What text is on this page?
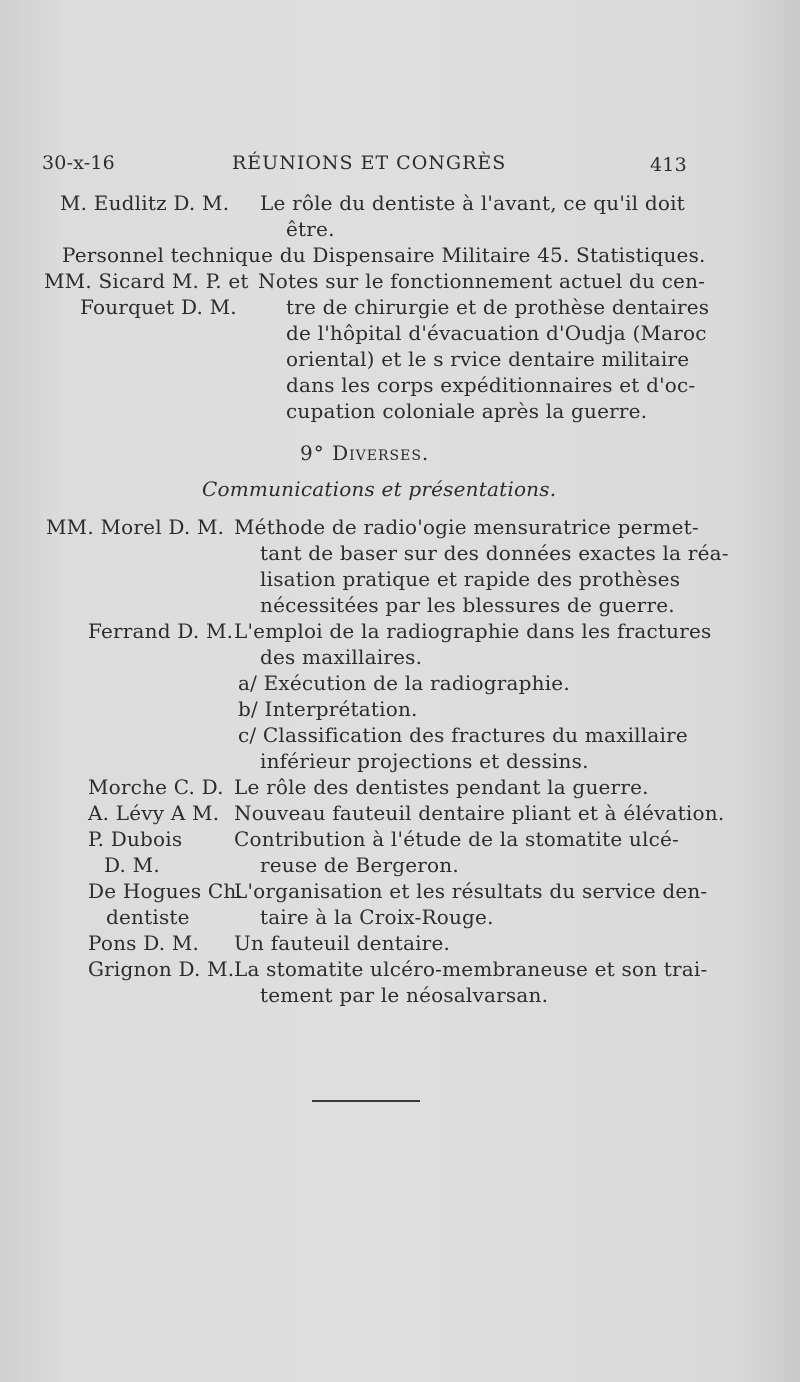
30-x-16	RÉUNIONS ET CONGRÈS	413
M. Eudlitz D. M. Le rôle du dentiste à l'avant, ce qu'il doit
être.
Personnel technique du Dispensaire Militaire 45. Statistiques.
MM. Sicard M. P. et
Fourquet D. M.
Notes sur le fonctionnement actuel du cen-
tre de chirurgie et de prothèse dentaires
de l'hôpital d'évacuation d'Oudja (Maroc
oriental) et le s rvice dentaire militaire
dans les corps expéditionnaires et d'oc-
cupation coloniale après la guerre.
9° Diverses.
Communications et présentations.
MM. Morel D. M. Méthode de radio'ogie mensuratrice permet-
tant de baser sur des données exactes la réa-
lisation pratique et rapide des prothèses
nécessitées par les blessures de guerre.
Ferrand D. M. L'emploi de la radiographie dans les fractures
des maxillaires.
a/ Exécution de la radiographie.
b/ Interprétation.
c/ Classification des fractures du maxillaire
inférieur projections et dessins.
Morche C. D. Le rôle des dentistes pendant la guerre.
A. Lévy A M. Nouveau fauteuil dentaire pliant et à élévation.
P. Dubois
D. M.
Contribution à l'étude de la stomatite ulcé-
reuse de Bergeron.
De Hogues Ch.
dentiste
L'organisation et les résultats du service den-
taire à la Croix-Rouge.
Pons D. M. Un fauteuil dentaire.
Grignon D. M. La stomatite ulcéro-membraneuse et son trai-
tement par le néosalvarsan.
